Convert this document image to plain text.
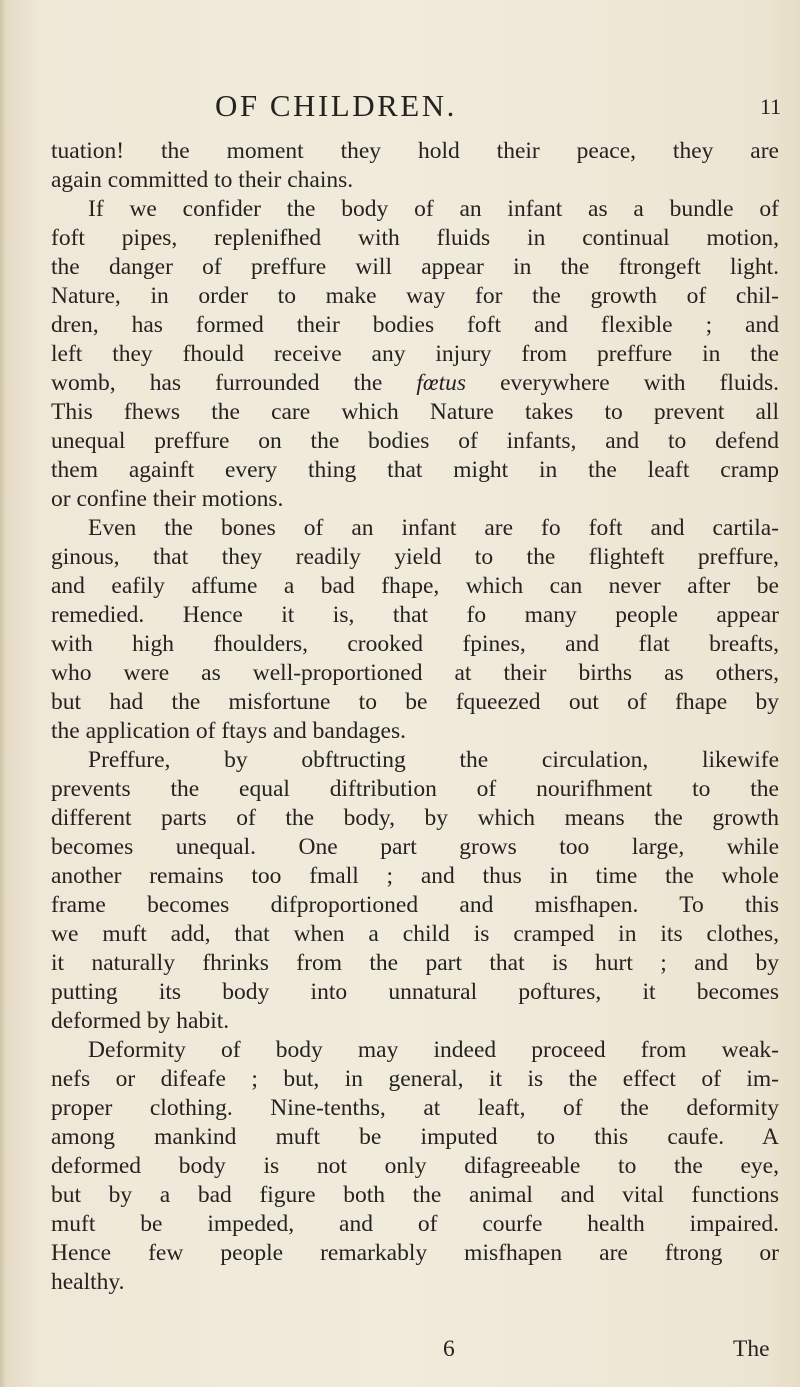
OF CHILDREN.	11
tuation! the moment they hold their peace, they are
again committed to their chains.
If we confider the body of an infant as a bundle of
foft pipes, replenifhed with fluids in continual motion,
the danger of preffure will appear in the ftrongeft light.
Nature, in order to make way for the growth of chil-
dren, has formed their bodies foft and flexible ; and
left they fhould receive any injury from preffure in the
womb, has furrounded the fœtus everywhere with fluids.
This fhews the care which Nature takes to prevent all
unequal preffure on the bodies of infants, and to defend
them againft every thing that might in the leaft cramp
or confine their motions.
Even the bones of an infant are fo foft and cartila-
ginous, that they readily yield to the flighteft preffure,
and eafily affume a bad fhape, which can never after be
remedied. Hence it is, that fo many people appear
with high fhoulders, crooked fpines, and flat breafts,
who were as well-proportioned at their births as others,
but had the misfortune to be fqueezed out of fhape by
the application of ftays and bandages.
Preffure, by obftructing the circulation, likewife
prevents the equal diftribution of nourifhment to the
different parts of the body, by which means the growth
becomes unequal. One part grows too large, while
another remains too fmall ; and thus in time the whole
frame becomes difproportioned and misfhapen. To this
we muft add, that when a child is cramped in its clothes,
it naturally fhrinks from the part that is hurt ; and by
putting its body into unnatural poftures, it becomes
deformed by habit.
Deformity of body may indeed proceed from weak-
nefs or difeafe ; but, in general, it is the effect of im-
proper clothing. Nine-tenths, at leaft, of the deformity
among mankind muft be imputed to this caufe. A
deformed body is not only difagreeable to the eye,
but by a bad figure both the animal and vital functions
muft be impeded, and of courfe health impaired.
Hence few people remarkably misfhapen are ftrong or
healthy.
6	The
